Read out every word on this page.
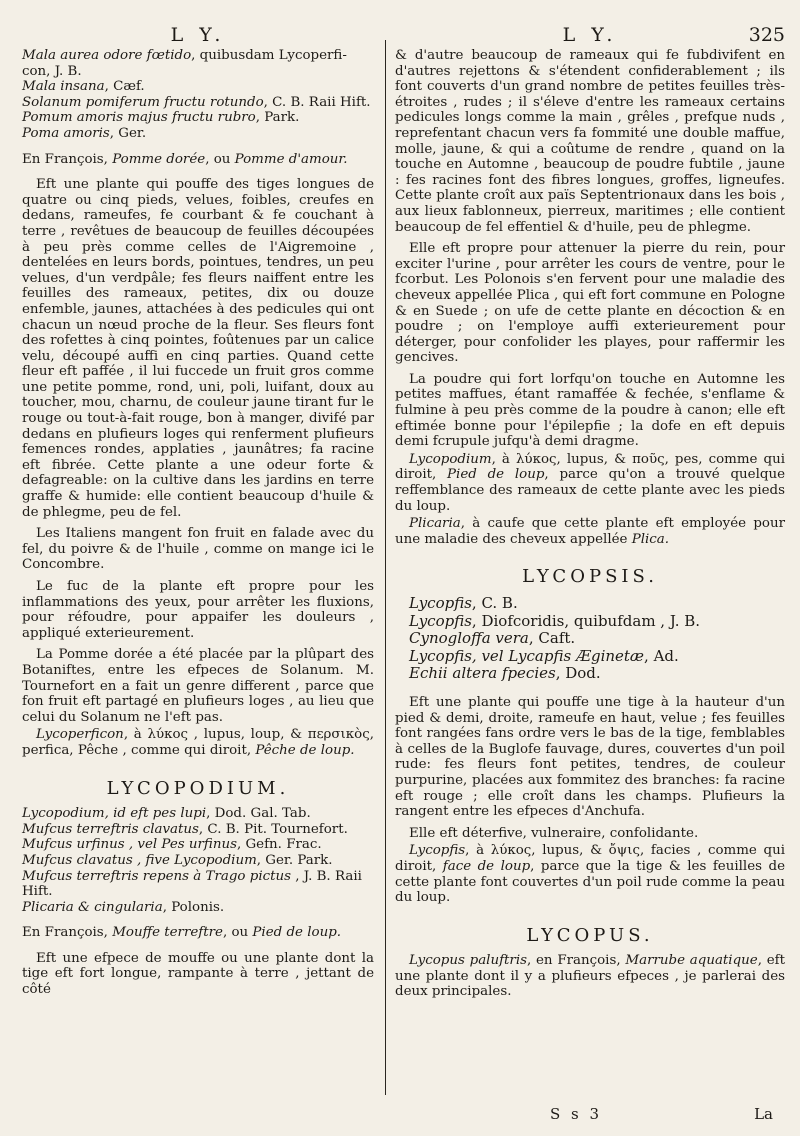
L Y.
Mala aurea odore fœtido, quibusdam Lycoperfi- con, J. B.
Mala insana, Cæf.
Solanum pomiferum fructu rotundo, C. B. Raii Hift.
Pomum amoris majus fructu rubro, Park.
Poma amoris, Ger.
En François, Pomme dorée, ou Pomme d'amour.

Eft une plante qui pouffe des tiges longues de quatre ou cinq pieds, velues, foibles, creufes en dedans, rameufes, fe courbant & fe couchant à terre , revêtues de beaucoup de feuilles découpées à peu près comme celles de l'Aigremoine , dentelées en leurs bords, pointues, tendres, un peu velues, d'un verdpâle; fes fleurs naiffent entre les feuilles des rameaux, petites, dix ou douze enfemble, jaunes, attachées à des pedicules qui ont chacun un nœud proche de la fleur. Ses fleurs font des rofettes à cinq pointes, foûtenues par un calice velu, découpé auffi en cinq parties. Quand cette fleur eft paffée , il lui fuccede un fruit gros comme une petite pomme, rond, uni, poli, luifant, doux au toucher, mou, charnu, de couleur jaune tirant fur le rouge ou tout-à-fait rouge, bon à manger, divifé par dedans en plufieurs loges qui renferment plufieurs femences rondes, applaties , jaunâtres; fa racine eft fibrée. Cette plante a une odeur forte & defagreable: on la cultive dans les jardins en terre graffe & humide: elle contient beaucoup d'huile & de phlegme, peu de fel.

Les Italiens mangent fon fruit en falade avec du fel, du poivre & de l'huile , comme on mange ici le Concombre.

Le fuc de la plante eft propre pour les inflammations des yeux, pour arrêter les fluxions, pour réfoudre, pour appaifer les douleurs , appliqué exterieurement.

La Pomme dorée a été placée par la plûpart des Botaniftes, entre les efpeces de Solanum. M. Tournefort en a fait un genre different , parce que fon fruit eft partagé en plufieurs loges , au lieu que celui du Solanum ne l'eft pas.

Lycoperficon, à λύκος , lupus, loup, & περσικὸς, perfica, Pêche , comme qui diroit, Pêche de loup.

LYCOPODIUM.
Lycopodium, id eft pes lupi, Dod. Gal. Tab.
Mufcus terreftris clavatus, C. B. Pit. Tournefort.
Mufcus urfinus , vel Pes urfinus, Gefn. Frac.
Mufcus clavatus , five Lycopodium, Ger. Park.
Mufcus terreftris repens à Trago pictus , J. B. Raii Hift.
Plicaria & cingularia, Polonis.
En François, Mouffe terreftre, ou Pied de loup.

Eft une efpece de mouffe ou une plante dont la tige eft fort longue, rampante à terre , jettant de côté

L Y.	325

& d'autre beaucoup de rameaux qui fe fubdivifent en d'autres rejettons & s'étendent confiderablement ; ils font couverts d'un grand nombre de petites feuilles très-étroites , rudes ; il s'éleve d'entre les rameaux certains pedicules longs comme la main , grêles , prefque nuds , reprefentant chacun vers fa fommité une double maffue, molle, jaune, & qui a coûtume de rendre , quand on la touche en Automne , beaucoup de poudre fubtile , jaune : fes racines font des fibres longues, groffes, ligneufes. Cette plante croît aux païs Septentrionaux dans les bois , aux lieux fablonneux, pierreux, maritimes ; elle contient beaucoup de fel effentiel & d'huile, peu de phlegme.

Elle eft propre pour attenuer la pierre du rein, pour exciter l'urine , pour arrêter les cours de ventre, pour le fcorbut. Les Polonois s'en fervent pour une maladie des cheveux appellée Plica , qui eft fort commune en Pologne & en Suede ; on ufe de cette plante en décoction & en poudre ; on l'employe auffi exterieurement pour déterger, pour confolider les playes, pour raffermir les gencives.

La poudre qui fort lorfqu'on touche en Automne les petites maffues, étant ramaffée & fechée, s'enflame & fulmine à peu près comme de la poudre à canon; elle eft eftimée bonne pour l'épilepfie ; la dofe en eft depuis demi fcrupule jufqu'à demi dragme.

Lycopodium, à λύκος, lupus, & ποῦς, pes, comme qui diroit, Pied de loup, parce qu'on a trouvé quelque reffemblance des rameaux de cette plante avec les pieds du loup.

Plicaria, à caufe que cette plante eft employée pour une maladie des cheveux appellée Plica.

LYCOPSIS.
Lycopfis, C. B.
Lycopfis, Diofcoridis, quibufdam , J. B.
Cynogloffa vera, Caft.
Lycopfis, vel Lycapfis Æginetæ, Ad.
Echii altera fpecies, Dod.

Eft une plante qui pouffe une tige à la hauteur d'un pied & demi, droite, rameufe en haut, velue ; fes feuilles font rangées fans ordre vers le bas de la tige, femblables à celles de la Buglofe fauvage, dures, couvertes d'un poil rude: fes fleurs font petites, tendres, de couleur purpurine, placées aux fommitez des branches: fa racine eft rouge ; elle croît dans les champs. Plufieurs la rangent entre les efpeces d'Anchufa.

Elle eft déterfive, vulneraire, confolidante.

Lycopfis, à λύκος, lupus, & ὄψις, facies , comme qui diroit, face de loup, parce que la tige & les feuilles de cette plante font couvertes d'un poil rude comme la peau du loup.

LYCOPUS.

Lycopus paluftris, en François, Marrube aquatique, eft une plante dont il y a plufieurs efpeces , je parlerai des deux principales.

S s 3	La
